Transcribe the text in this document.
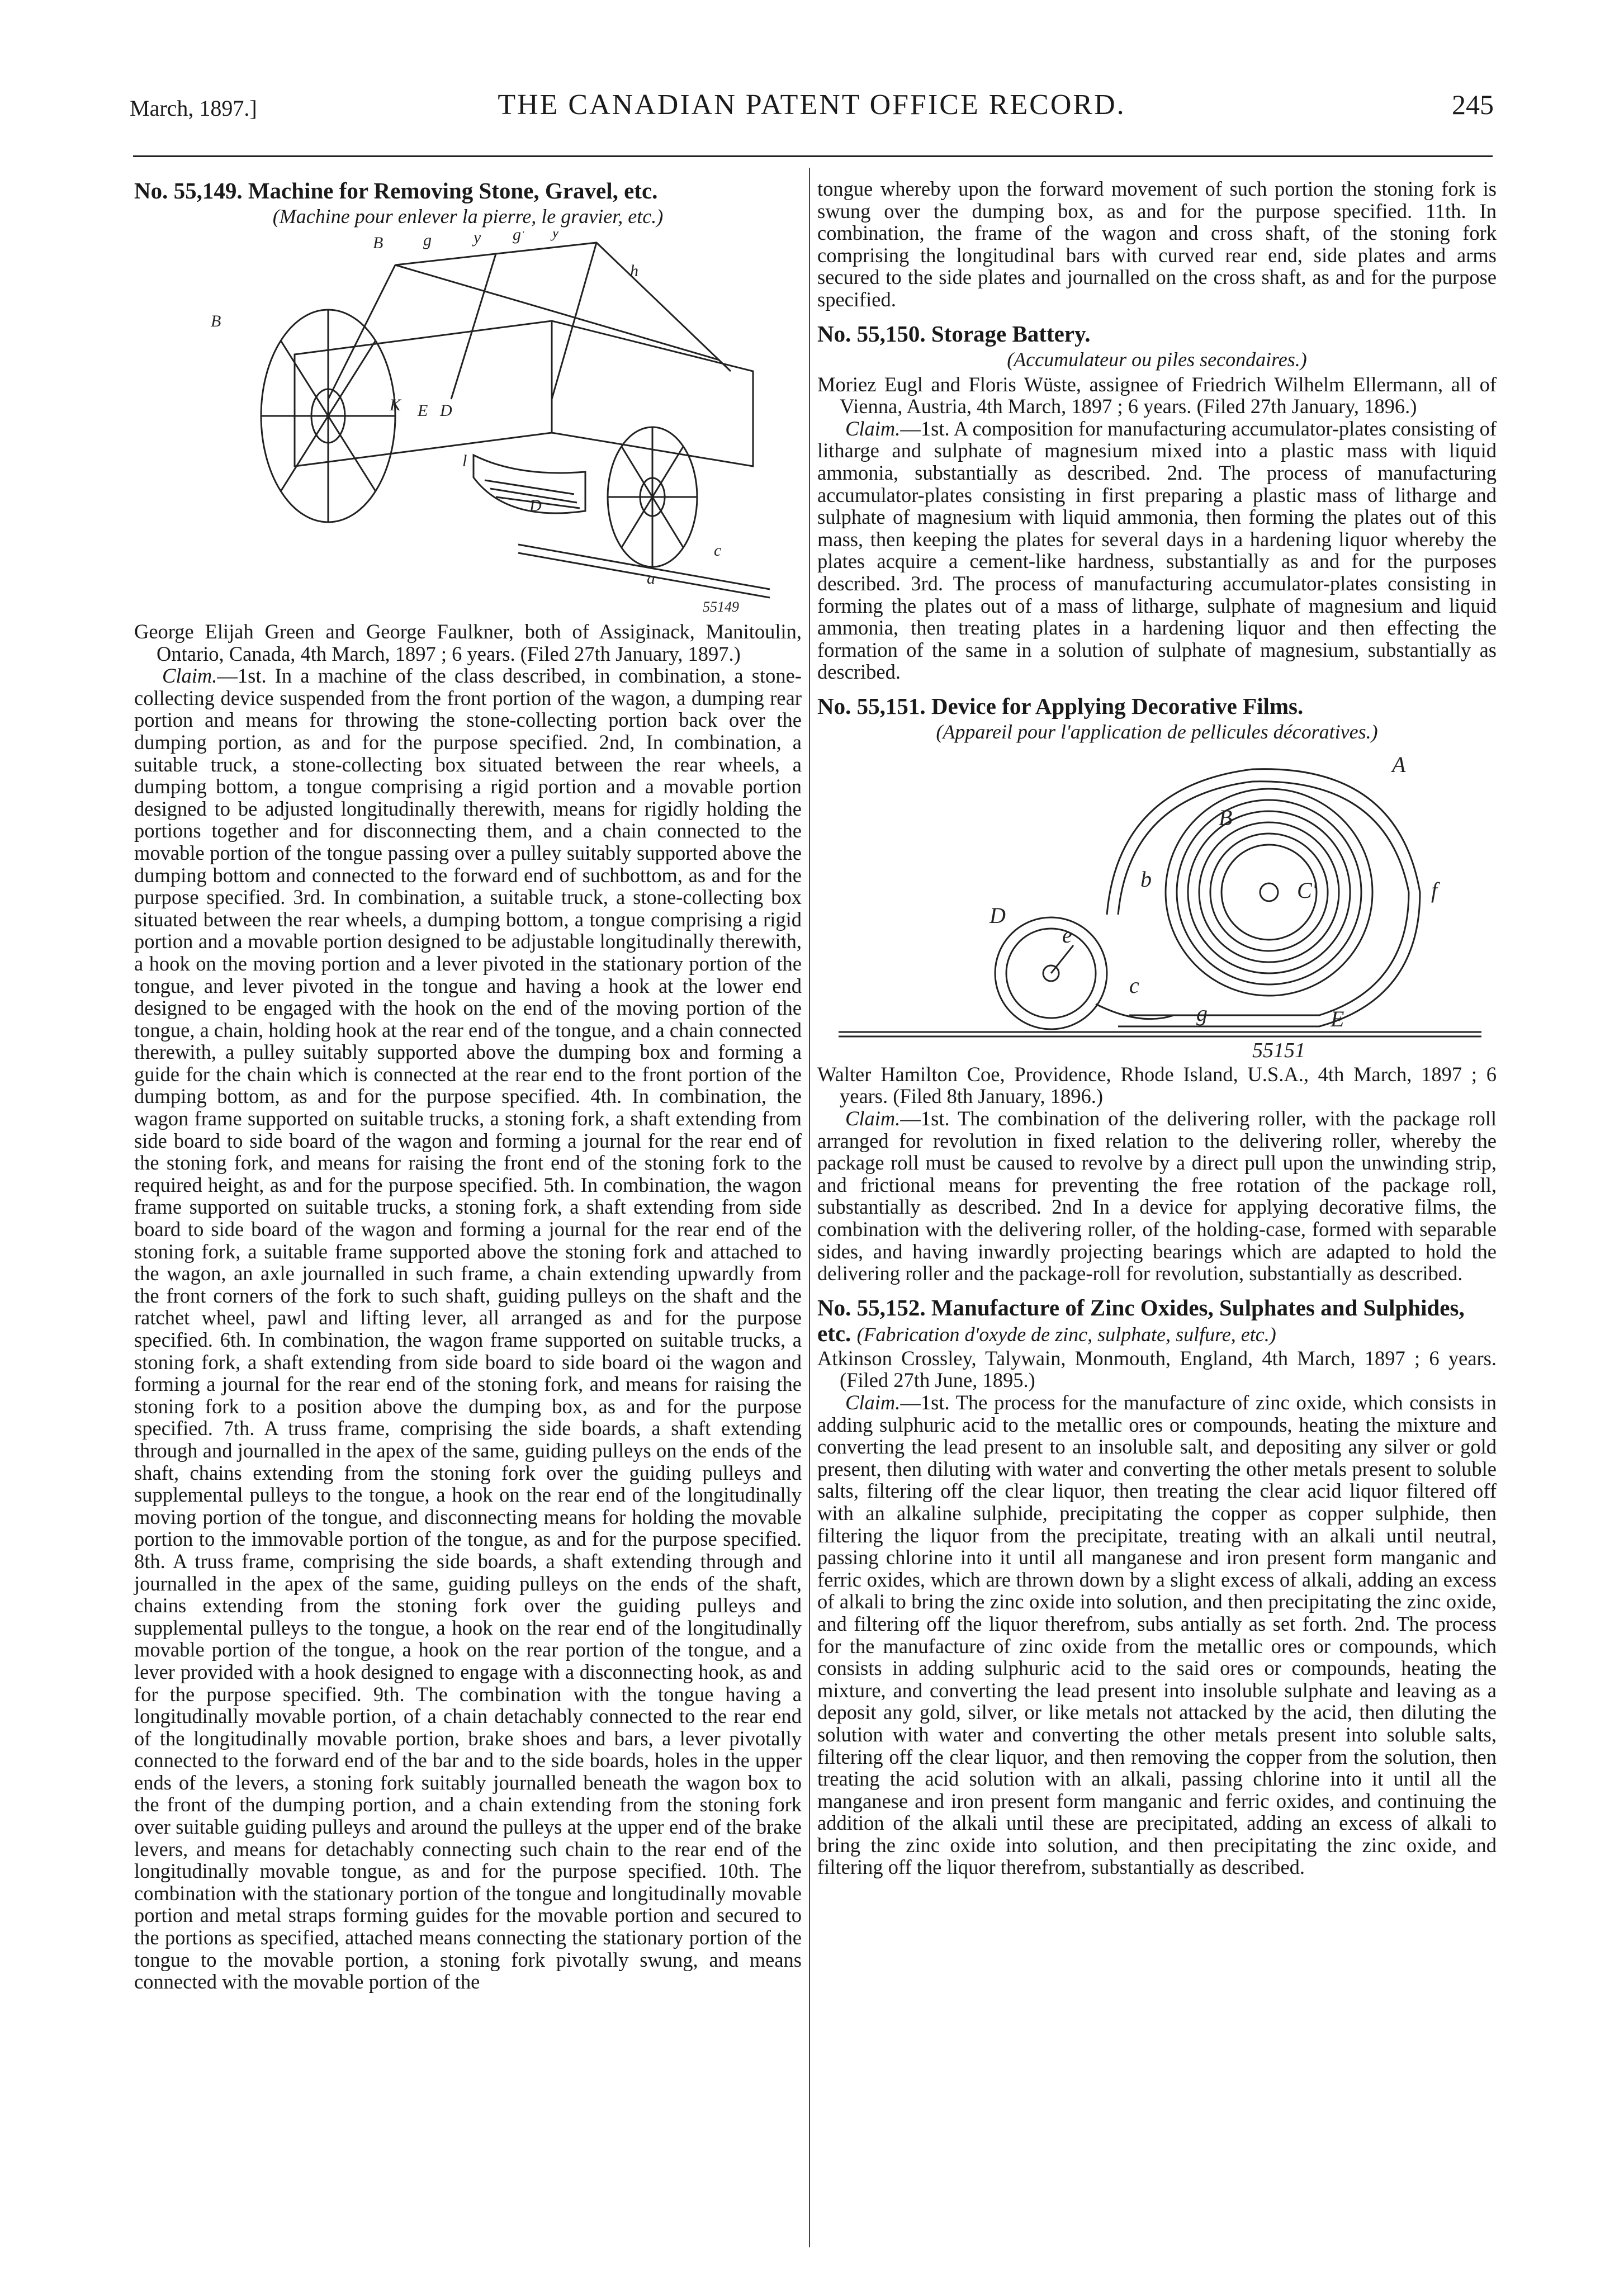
March, 1897.]	THE CANADIAN PATENT OFFICE RECORD.	245
No. 55,149. Machine for Removing Stone, Gravel, etc.
(Machine pour enlever la pierre, le gravier, etc.)
B g	y g' y
h
B
K E D
l
D
a
c
55149

George Elijah Green and George Faulkner, both of Assiginack, Manitoulin, Ontario, Canada, 4th March, 1897 ; 6 years. (Filed 27th January, 1897.)

Claim.—1st. In a machine of the class described, in combination, a stone-collecting device suspended from the front portion of the wagon, a dumping rear portion and means for throwing the stone-collecting portion back over the dumping portion, as and for the purpose specified. 2nd, In combination, a suitable truck, a stone-collecting box situated between the rear wheels, a dumping bottom, a tongue comprising a rigid portion and a movable portion designed to be adjusted longitudinally therewith, means for rigidly holding the portions together and for disconnecting them, and a chain connected to the movable portion of the tongue passing over a pulley suitably supported above the dumping bottom and connected to the forward end of suchbottom, as and for the purpose specified. 3rd. In combination, a suitable truck, a stone-collecting box situated between the rear wheels, a dumping bottom, a tongue comprising a rigid portion and a movable portion designed to be adjustable longitudinally therewith, a hook on the moving portion and a lever pivoted in the stationary portion of the tongue, and lever pivoted in the tongue and having a hook at the lower end designed to be engaged with the hook on the end of the moving portion of the tongue, a chain, holding hook at the rear end of the tongue, and a chain connected therewith, a pulley suitably supported above the dumping box and forming a guide for the chain which is connected at the rear end to the front portion of the dumping bottom, as and for the purpose specified. 4th. In combination, the wagon frame supported on suitable trucks, a stoning fork, a shaft extending from side board to side board of the wagon and forming a journal for the rear end of the stoning fork, and means for raising the front end of the stoning fork to the required height, as and for the purpose specified. 5th. In combination, the wagon frame supported on suitable trucks, a stoning fork, a shaft extending from side board to side board of the wagon and forming a journal for the rear end of the stoning fork, a suitable frame supported above the stoning fork and attached to the wagon, an axle journalled in such frame, a chain extending upwardly from the front corners of the fork to such shaft, guiding pulleys on the shaft and the ratchet wheel, pawl and lifting lever, all arranged as and for the purpose specified. 6th. In combination, the wagon frame supported on suitable trucks, a stoning fork, a shaft extending from side board to side board oi the wagon and forming a journal for the rear end of the stoning fork, and means for raising the stoning fork to a position above the dumping box, as and for the purpose specified. 7th. A truss frame, comprising the side boards, a shaft extending through and journalled in the apex of the same, guiding pulleys on the ends of the shaft, chains extending from the stoning fork over the guiding pulleys and supplemental pulleys to the tongue, a hook on the rear end of the longitudinally moving portion of the tongue, and disconnecting means for holding the movable portion to the immovable portion of the tongue, as and for the purpose specified. 8th. A truss frame, comprising the side boards, a shaft extending through and journalled in the apex of the same, guiding pulleys on the ends of the shaft, chains extending from the stoning fork over the guiding pulleys and supplemental pulleys to the tongue, a hook on the rear end of the longitudinally movable portion of the tongue, a hook on the rear portion of the tongue, and a lever provided with a hook designed to engage with a disconnecting hook, as and for the purpose specified. 9th. The combination with the tongue having a longitudinally movable portion, of a chain detachably connected to the rear end of the longitudinally movable portion, brake shoes and bars, a lever pivotally connected to the forward end of the bar and to the side boards, holes in the upper ends of the levers, a stoning fork suitably journalled beneath the wagon box to the front of the dumping portion, and a chain extending from the stoning fork over suitable guiding pulleys and around the pulleys at the upper end of the brake levers, and means for detachably connecting such chain to the rear end of the longitudinally movable tongue, as and for the purpose specified. 10th. The combination with the stationary portion of the tongue and longitudinally movable portion and metal straps forming guides for the movable portion and secured to the portions as specified, attached means connecting the stationary portion of the tongue to the movable portion, a stoning fork pivotally swung, and means connected with the movable portion of the

tongue whereby upon the forward movement of such portion the stoning fork is swung over the dumping box, as and for the purpose specified. 11th. In combination, the frame of the wagon and cross shaft, of the stoning fork comprising the longitudinal bars with curved rear end, side plates and arms secured to the side plates and journalled on the cross shaft, as and for the purpose specified.

No. 55,150. Storage Battery.
(Accumulateur ou piles secondaires.)

Moriez Eugl and Floris Wüste, assignee of Friedrich Wilhelm Ellermann, all of Vienna, Austria, 4th March, 1897 ; 6 years. (Filed 27th January, 1896.)

Claim.—1st. A composition for manufacturing accumulator-plates consisting of litharge and sulphate of magnesium mixed into a plastic mass with liquid ammonia, substantially as described. 2nd. The process of manufacturing accumulator-plates consisting in first preparing a plastic mass of litharge and sulphate of magnesium with liquid ammonia, then forming the plates out of this mass, then keeping the plates for several days in a hardening liquor whereby the plates acquire a cement-like hardness, substantially as and for the purposes described. 3rd. The process of manufacturing accumulator-plates consisting in forming the plates out of a mass of litharge, sulphate of magnesium and liquid ammonia, then treating plates in a hardening liquor and then effecting the formation of the same in a solution of sulphate of magnesium, substantially as described.

No. 55,151. Device for Applying Decorative Films.
(Appareil pour l'application de pellicules décoratives.)
A
B
C'
b	f
D
e
c
g	E
55151

Walter Hamilton Coe, Providence, Rhode Island, U.S.A., 4th March, 1897 ; 6 years. (Filed 8th January, 1896.)

Claim.—1st. The combination of the delivering roller, with the package roll arranged for revolution in fixed relation to the delivering roller, whereby the package roll must be caused to revolve by a direct pull upon the unwinding strip, and frictional means for preventing the free rotation of the package roll, substantially as described. 2nd In a device for applying decorative films, the combination with the delivering roller, of the holding-case, formed with separable sides, and having inwardly projecting bearings which are adapted to hold the delivering roller and the package-roll for revolution, substantially as described.

No. 55,152. Manufacture of Zinc Oxides, Sulphates and Sulphides, etc. (Fabrication d'oxyde de zinc, sulphate, sulfure, etc.)

Atkinson Crossley, Talywain, Monmouth, England, 4th March, 1897 ; 6 years. (Filed 27th June, 1895.)

Claim.—1st. The process for the manufacture of zinc oxide, which consists in adding sulphuric acid to the metallic ores or compounds, heating the mixture and converting the lead present to an insoluble salt, and depositing any silver or gold present, then diluting with water and converting the other metals present to soluble salts, filtering off the clear liquor, then treating the clear acid liquor filtered off with an alkaline sulphide, precipitating the copper as copper sulphide, then filtering the liquor from the precipitate, treating with an alkali until neutral, passing chlorine into it until all manganese and iron present form manganic and ferric oxides, which are thrown down by a slight excess of alkali, adding an excess of alkali to bring the zinc oxide into solution, and then precipitating the zinc oxide, and filtering off the liquor therefrom, subs antially as set forth. 2nd. The process for the manufacture of zinc oxide from the metallic ores or compounds, which consists in adding sulphuric acid to the said ores or compounds, heating the mixture, and converting the lead present into insoluble sulphate and leaving as a deposit any gold, silver, or like metals not attacked by the acid, then diluting the solution with water and converting the other metals present into soluble salts, filtering off the clear liquor, and then removing the copper from the solution, then treating the acid solution with an alkali, passing chlorine into it until all the manganese and iron present form manganic and ferric oxides, and continuing the addition of the alkali until these are precipitated, adding an excess of alkali to bring the zinc oxide into solution, and then precipitating the zinc oxide, and filtering off the liquor therefrom, substantially as described.
